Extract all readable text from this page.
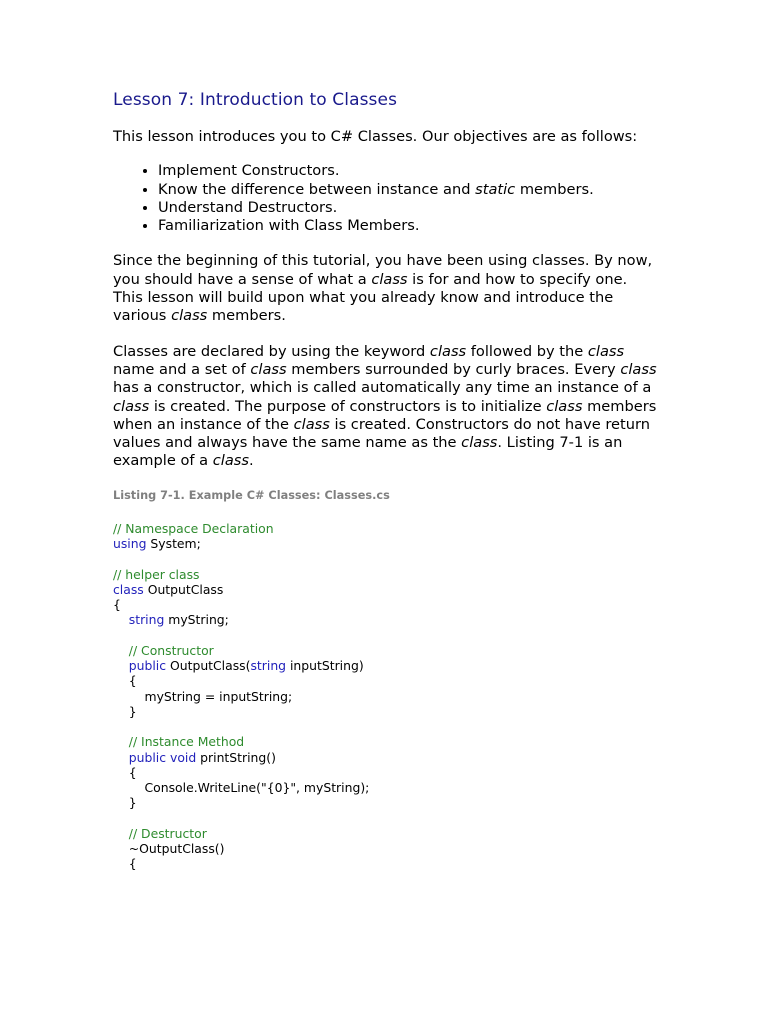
Lesson 7: Introduction to Classes

This lesson introduces you to C# Classes. Our objectives are as follows:

• Implement Constructors.
• Know the difference between instance and static members.
• Understand Destructors.
• Familiarization with Class Members.

Since the beginning of this tutorial, you have been using classes. By now, you should have a sense of what a class is for and how to specify one. This lesson will build upon what you already know and introduce the various class members.

Classes are declared by using the keyword class followed by the class name and a set of class members surrounded by curly braces. Every class has a constructor, which is called automatically any time an instance of a class is created. The purpose of constructors is to initialize class members when an instance of the class is created. Constructors do not have return values and always have the same name as the class. Listing 7-1 is an example of a class.

Listing 7-1. Example C# Classes: Classes.cs
// Namespace Declaration
using System;
// helper class
class OutputClass
{
string myString;
// Constructor
public OutputClass(string inputString)
{
myString = inputString;
}
// Instance Method
public void printString()
{
Console.WriteLine("{0}", myString);
}
// Destructor
~OutputClass()
{
